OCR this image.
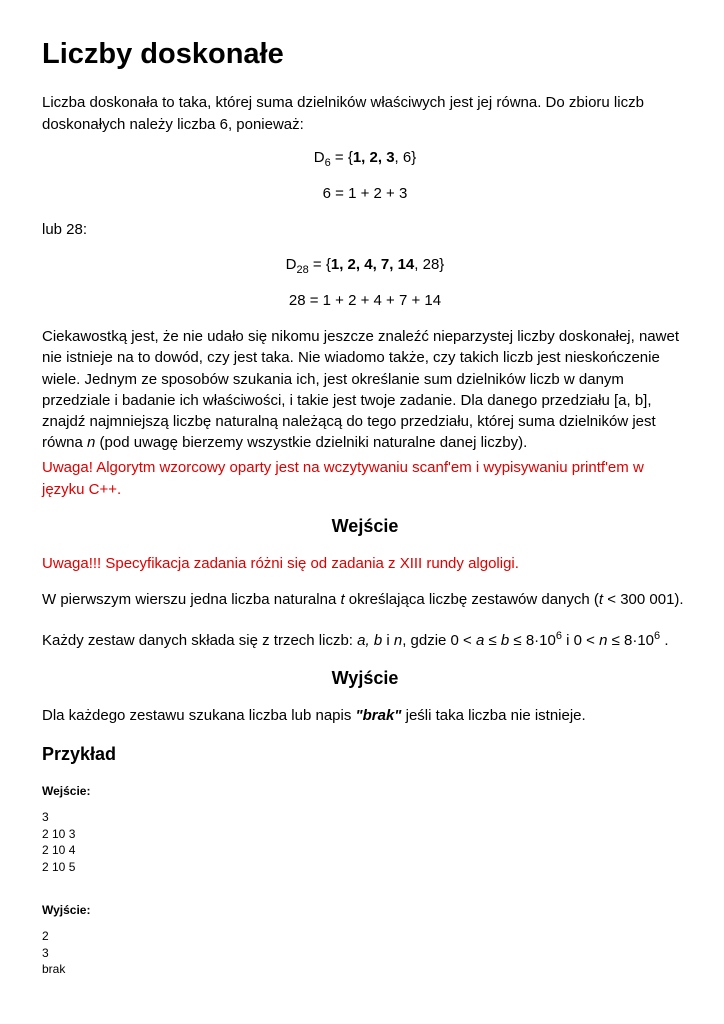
Liczby doskonałe

Liczba doskonała to taka, której suma dzielników właściwych jest jej równa. Do zbioru liczb doskonałych należy liczba 6, ponieważ:

$D_6 = \{1$, 2, 3, 6}

6 = 1 + 2 + 3

lub 28:

$D_{28} = \{1$, 2, 4, 7, 14, 28}

28 = 1 + 2 + 4 + 7 + 14

Ciekawostką jest, że nie udało się nikomu jeszcze znaleźć nieparzystej liczby doskonałej, nawet nie istnieje na to dowód, czy jest taka. Nie wiadomo także, czy takich liczb jest nieskończenie wiele. Jednym ze sposobów szukania ich, jest określanie sum dzielników liczb w danym przedziale i badanie ich właściwości, i takie jest twoje zadanie. Dla danego przedziału [a, b], znajdź najmniejszą liczbę naturalną należącą do tego przedziału, której suma dzielników jest równa n (pod uwagę bierzemy wszystkie dzielniki naturalne danej liczby).

Uwaga! Algorytm wzorcowy oparty jest na wczytywaniu scanf'em i wypisywaniu printf'em w języku C++.

Wejście

Uwaga!!! Specyfikacja zadania różni się od zadania z XIII rundy algoligi.

W pierwszym wierszu jedna liczba naturalna t określająca liczbę zestawów danych (t < 300 001).

Każdy zestaw danych składa się z trzech liczb: a, b i n, gdzie $0 < a \le b \le 8\cdot 10^6$ i $0 < n \le 8\cdot 10^6$ .

Wyjście

Dla każdego zestawu szukana liczba lub napis "brak" jeśli taka liczba nie istnieje.

Przykład

Wejście:

3
2 10 3
2 10 4
2 10 5

Wyjście:

2
3
brak
